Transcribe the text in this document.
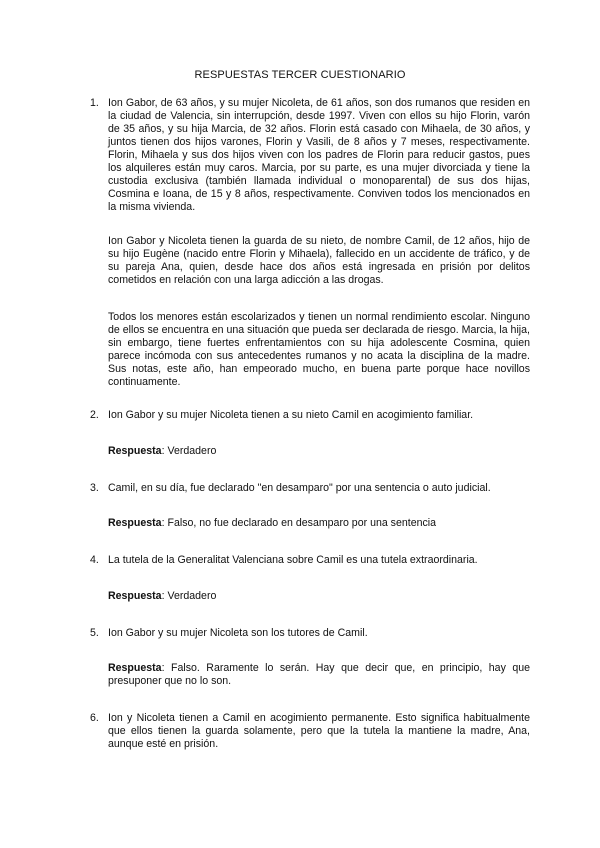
RESPUESTAS TERCER CUESTIONARIO
1. Ion Gabor, de 63 años, y su mujer Nicoleta, de 61 años, son dos rumanos que residen en la ciudad de Valencia, sin interrupción, desde 1997. Viven con ellos su hijo Florin, varón de 35 años, y su hija Marcia, de 32 años. Florin está casado con Mihaela, de 30 años, y juntos tienen dos hijos varones, Florin y Vasili, de 8 años y 7 meses, respectivamente. Florin, Mihaela y sus dos hijos viven con los padres de Florin para reducir gastos, pues los alquileres están muy caros. Marcia, por su parte, es una mujer divorciada y tiene la custodia exclusiva (también llamada individual o monoparental) de sus dos hijas, Cosmina e Ioana, de 15 y 8 años, respectivamente. Conviven todos los mencionados en la misma vivienda.
Ion Gabor y Nicoleta tienen la guarda de su nieto, de nombre Camil, de 12 años, hijo de su hijo Eugène (nacido entre Florin y Mihaela), fallecido en un accidente de tráfico, y de su pareja Ana, quien, desde hace dos años está ingresada en prisión por delitos cometidos en relación con una larga adicción a las drogas.
Todos los menores están escolarizados y tienen un normal rendimiento escolar. Ninguno de ellos se encuentra en una situación que pueda ser declarada de riesgo. Marcia, la hija, sin embargo, tiene fuertes enfrentamientos con su hija adolescente Cosmina, quien parece incómoda con sus antecedentes rumanos y no acata la disciplina de la madre. Sus notas, este año, han empeorado mucho, en buena parte porque hace novillos continuamente.
2. Ion Gabor y su mujer Nicoleta tienen a su nieto Camil en acogimiento familiar.
Respuesta: Verdadero
3. Camil, en su día, fue declarado "en desamparo" por una sentencia o auto judicial.
Respuesta: Falso, no fue declarado en desamparo por una sentencia
4. La tutela de la Generalitat Valenciana sobre Camil es una tutela extraordinaria.
Respuesta: Verdadero
5. Ion Gabor y su mujer Nicoleta son los tutores de Camil.
Respuesta: Falso. Raramente lo serán. Hay que decir que, en principio, hay que presuponer que no lo son.
6. Ion y Nicoleta tienen a Camil en acogimiento permanente. Esto significa habitualmente que ellos tienen la guarda solamente, pero que la tutela la mantiene la madre, Ana, aunque esté en prisión.
